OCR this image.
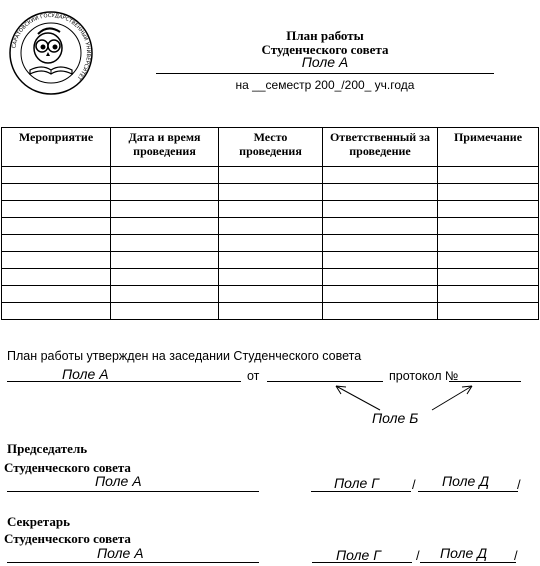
САРАТОВСКИЙ ГОСУДАРСТВЕННЫЙ УНИВЕРСИТЕТ
План работы
Студенческого совета
Поле А
на __семестр 200_/200_ уч.года
Мероприятие	Дата и время проведения	Место проведения	Ответственный за проведение	Примечание

План работы утвержден на заседании Студенческого совета
Поле А	от	протокол №
Поле Б
Председатель
Студенческого совета
Поле А	Поле Г	/ Поле Д /
Секретарь
Студенческого совета
Поле А	Поле Г	/ Поле Д /
